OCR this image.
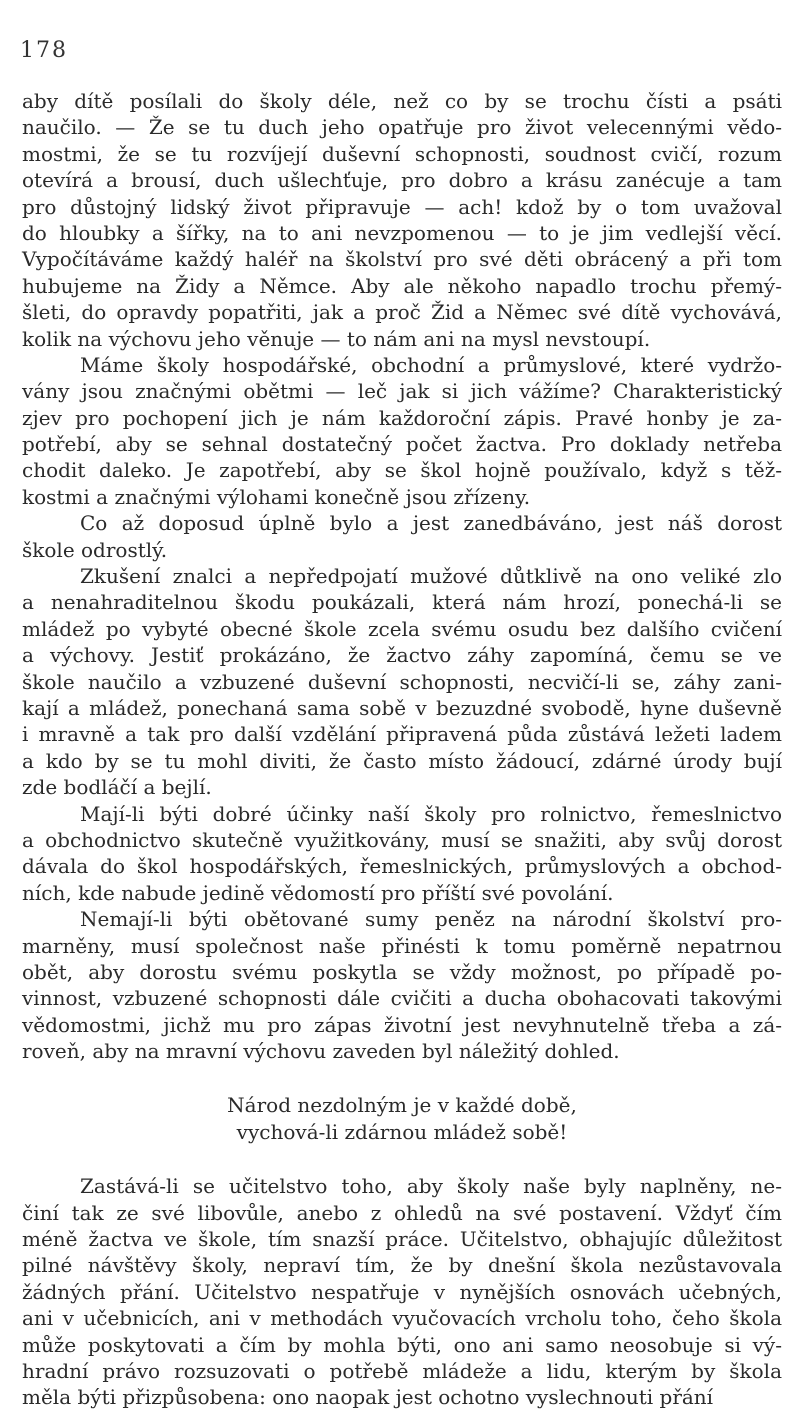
178
aby dítě posílali do školy déle, než co by se trochu čísti a psáti
naučilo. — Že se tu duch jeho opatřuje pro život velecennými vědo-
mostmi, že se tu rozvíjejí duševní schopnosti, soudnost cvičí, rozum
otevírá a brousí, duch ušlechťuje, pro dobro a krásu zanécuje a tam
pro důstojný lidský život připravuje — ach! kdož by o tom uvažoval
do hloubky a šířky, na to ani nevzpomenou — to je jim vedlejší věcí.
Vypočítáváme každý haléř na školství pro své děti obrácený a při tom
hubujeme na Židy a Němce. Aby ale někoho napadlo trochu přemý-
šleti, do opravdy popatřiti, jak a proč Žid a Němec své dítě vychovává,
kolik na výchovu jeho věnuje — to nám ani na mysl nevstoupí.
Máme školy hospodářské, obchodní a průmyslové, které vydržo-
vány jsou značnými obětmi — leč jak si jich vážíme? Charakteristický
zjev pro pochopení jich je nám každoroční zápis. Pravé honby je za-
potřebí, aby se sehnal dostatečný počet žactva. Pro doklady netřeba
chodit daleko. Je zapotřebí, aby se škol hojně používalo, když s těž-
kostmi a značnými výlohami konečně jsou zřízeny.
Co až doposud úplně bylo a jest zanedbáváno, jest náš dorost
škole odrostlý.
Zkušení znalci a nepředpojatí mužové důtklivě na ono veliké zlo
a nenahraditelnou škodu poukázali, která nám hrozí, ponechá-li se
mládež po vybyté obecné škole zcela svému osudu bez dalšího cvičení
a výchovy. Jestiť prokázáno, že žactvo záhy zapomíná, čemu se ve
škole naučilo a vzbuzené duševní schopnosti, necvičí-li se, záhy zani-
kají a mládež, ponechaná sama sobě v bezuzdné svobodě, hyne duševně
i mravně a tak pro další vzdělání připravená půda zůstává ležeti ladem
a kdo by se tu mohl diviti, že často místo žádoucí, zdárné úrody bují
zde bodláčí a bejlí.
Mají-li býti dobré účinky naší školy pro rolnictvo, řemeslnictvo
a obchodnictvo skutečně využitkovány, musí se snažiti, aby svůj dorost
dávala do škol hospodářských, řemeslnických, průmyslových a obchod-
ních, kde nabude jedině vědomostí pro příští své povolání.
Nemají-li býti obětované sumy peněz na národní školství pro-
marněny, musí společnost naše přinésti k tomu poměrně nepatrnou
obět, aby dorostu svému poskytla se vždy možnost, po případě po-
vinnost, vzbuzené schopnosti dále cvičiti a ducha obohacovati takovými
vědomostmi, jichž mu pro zápas životní jest nevyhnutelně třeba a zá-
roveň, aby na mravní výchovu zaveden byl náležitý dohled.
Národ nezdolným je v každé době,
vychová-li zdárnou mládež sobě!
Zastává-li se učitelstvo toho, aby školy naše byly naplněny, ne-
činí tak ze své libovůle, anebo z ohledů na své postavení. Vždyť čím
méně žactva ve škole, tím snazší práce. Učitelstvo, obhajujíc důležitost
pilné návštěvy školy, nepraví tím, že by dnešní škola nezůstavovala
žádných přání. Učitelstvo nespatřuje v nynějších osnovách učebných,
ani v učebnicích, ani v methodách vyučovacích vrcholu toho, čeho škola
může poskytovati a čím by mohla býti, ono ani samo neosobuje si vý-
hradní právo rozsuzovati o potřebě mládeže a lidu, kterým by škola
měla býti přizpůsobena: ono naopak jest ochotno vyslechnouti přání
